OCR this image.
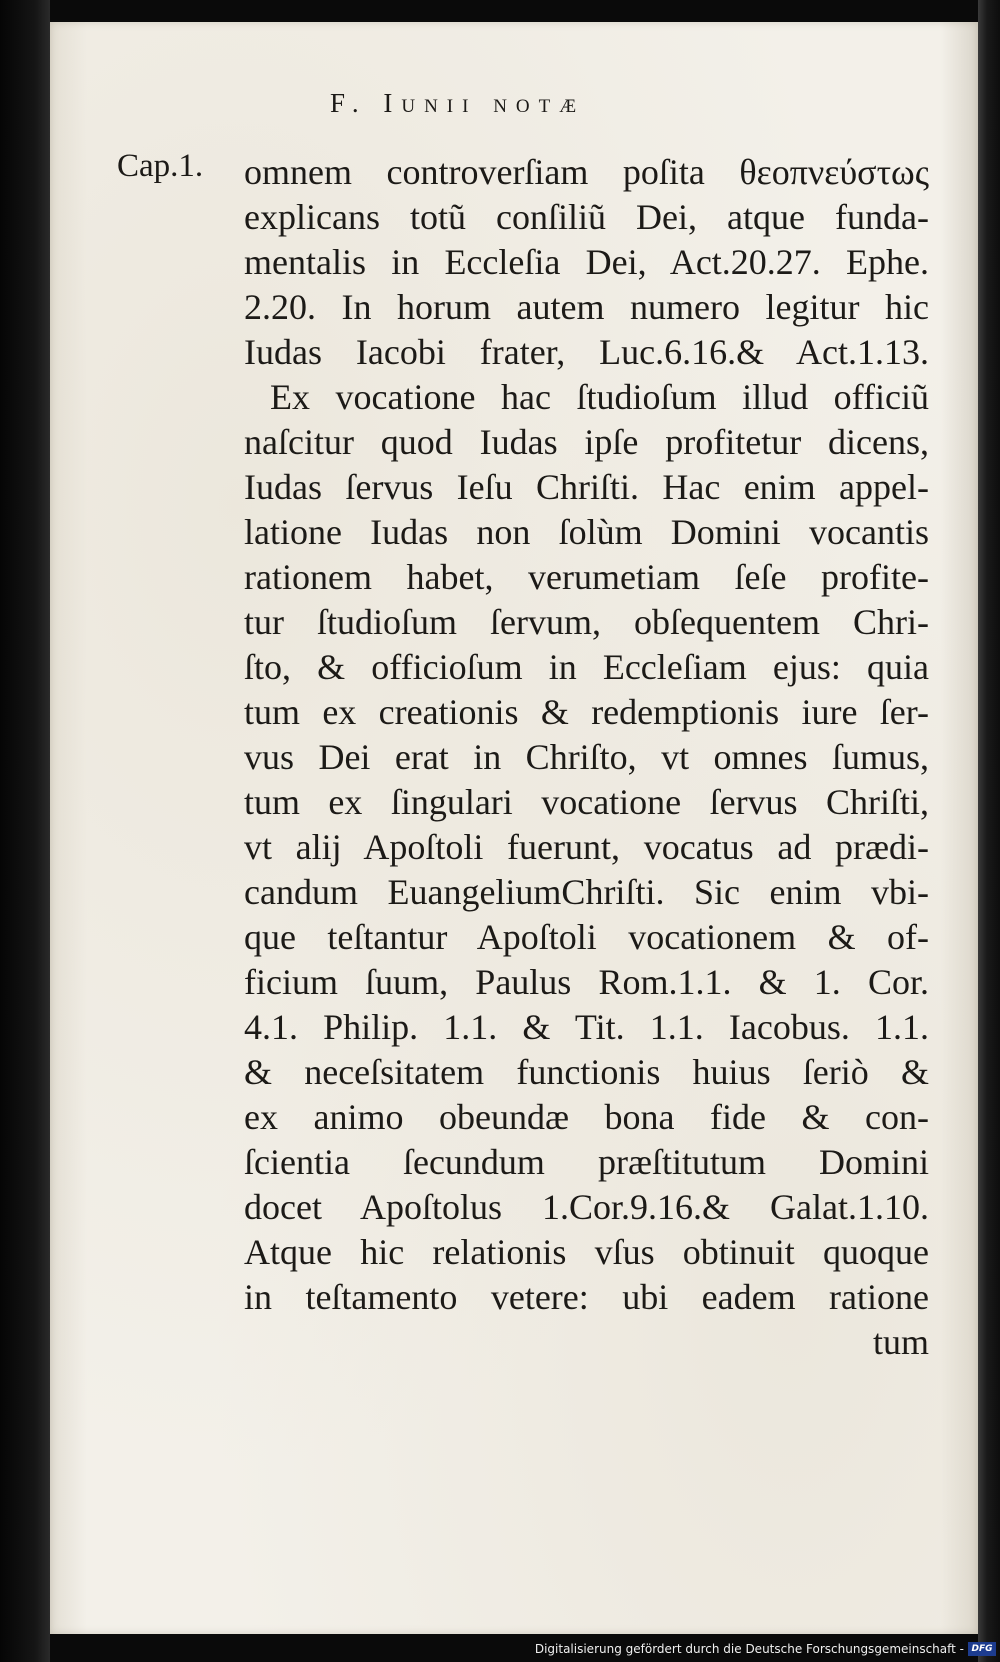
F. Iunii notæ
Cap.1.	omnem controverſiam poſita θεοπνεύστως
explicans totũ conſiliũ Dei, atque funda-
mentalis in Eccleſia Dei, Act.20.27. Ephe.
2.20. In horum autem numero legitur hic
Iudas Iacobi frater, Luc.6.16.& Act.1.13.
Ex vocatione hac ſtudioſum illud officiũ
naſcitur quod Iudas ipſe profitetur dicens,
Iudas ſervus Ieſu Chriſti. Hac enim appel-
latione Iudas non ſolùm Domini vocantis
rationem habet, verumetiam ſeſe profite-
tur ſtudioſum ſervum, obſequentem Chri-
ſto, & officioſum in Eccleſiam ejus: quia
tum ex creationis & redemptionis iure ſer-
vus Dei erat in Chriſto, vt omnes ſumus,
tum ex ſingulari vocatione ſervus Chriſti,
vt alij Apoſtoli fuerunt, vocatus ad prædi-
candum EuangeliumChriſti. Sic enim vbi-
que teſtantur Apoſtoli vocationem & of-
ficium ſuum, Paulus Rom.1.1. & 1. Cor.
4.1. Philip. 1.1. & Tit. 1.1. Iacobus. 1.1.
& neceſsitatem functionis huius ſeriò &
ex animo obeundæ bona fide & con-
ſcientia ſecundum præſtitutum Domini
docet Apoſtolus 1.Cor.9.16.& Galat.1.10.
Atque hic relationis vſus obtinuit quoque
in teſtamento vetere: ubi eadem ratione
tum
Digitalisierung gefördert durch die Deutsche Forschungsgemeinschaft - DFG
